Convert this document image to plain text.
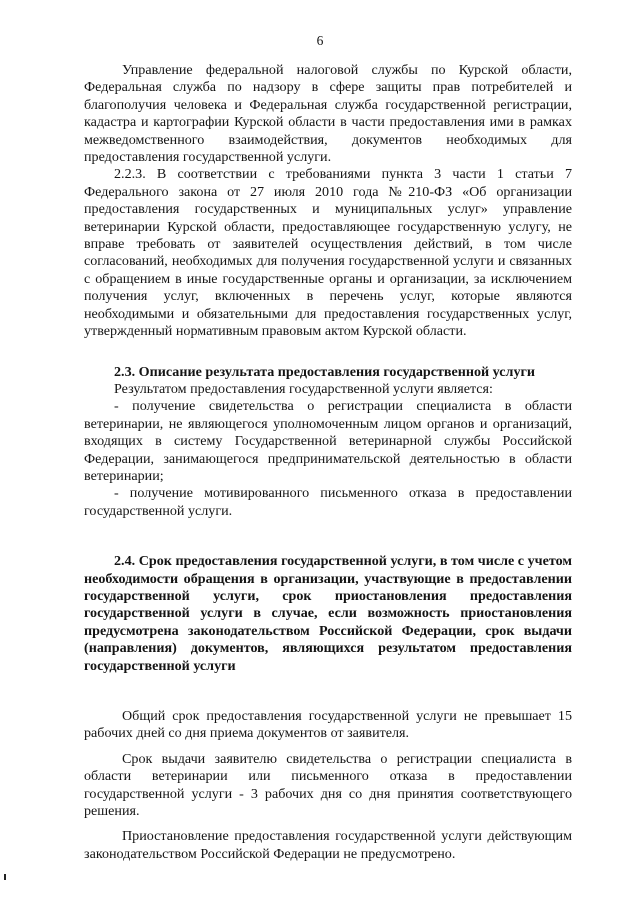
6

Управление федеральной налоговой службы по Курской области, Федеральная служба по надзору в сфере защиты прав потребителей и благополучия человека и Федеральная служба государственной регистрации, кадастра и картографии Курской области в части предоставления ими в рамках межведомственного взаимодействия, документов необходимых для предоставления государственной услуги.

2.2.3. В соответствии с требованиями пункта 3 части 1 статьи 7 Федерального закона от 27 июля 2010 года №210-ФЗ «Об организации предоставления государственных и муниципальных услуг» управление ветеринарии Курской области, предоставляющее государственную услугу, не вправе требовать от заявителей осуществления действий, в том числе согласований, необходимых для получения государственной услуги и связанных с обращением в иные государственные органы и организации, за исключением получения услуг, включенных в перечень услуг, которые являются необходимыми и обязательными для предоставления государственных услуг, утвержденный нормативным правовым актом Курской области.

2.3. Описание результата предоставления государственной услуги

Результатом предоставления государственной услуги является:

- получение свидетельства о регистрации специалиста в области ветеринарии, не являющегося уполномоченным лицом органов и организаций, входящих в систему Государственной ветеринарной службы Российской Федерации, занимающегося предпринимательской деятельностью в области ветеринарии;

- получение мотивированного письменного отказа в предоставлении государственной услуги.

2.4. Срок предоставления государственной услуги, в том числе с учетом необходимости обращения в организации, участвующие в предоставлении государственной услуги, срок приостановления предоставления государственной услуги в случае, если возможность приостановления предусмотрена законодательством Российской Федерации, срок выдачи (направления) документов, являющихся результатом предоставления государственной услуги

Общий срок предоставления государственной услуги не превышает 15 рабочих дней со дня приема документов от заявителя.

Срок выдачи заявителю свидетельства о регистрации специалиста в области ветеринарии или письменного отказа в предоставлении государственной услуги - 3 рабочих дня со дня принятия соответствующего решения.

Приостановление предоставления государственной услуги действующим законодательством Российской Федерации не предусмотрено.
